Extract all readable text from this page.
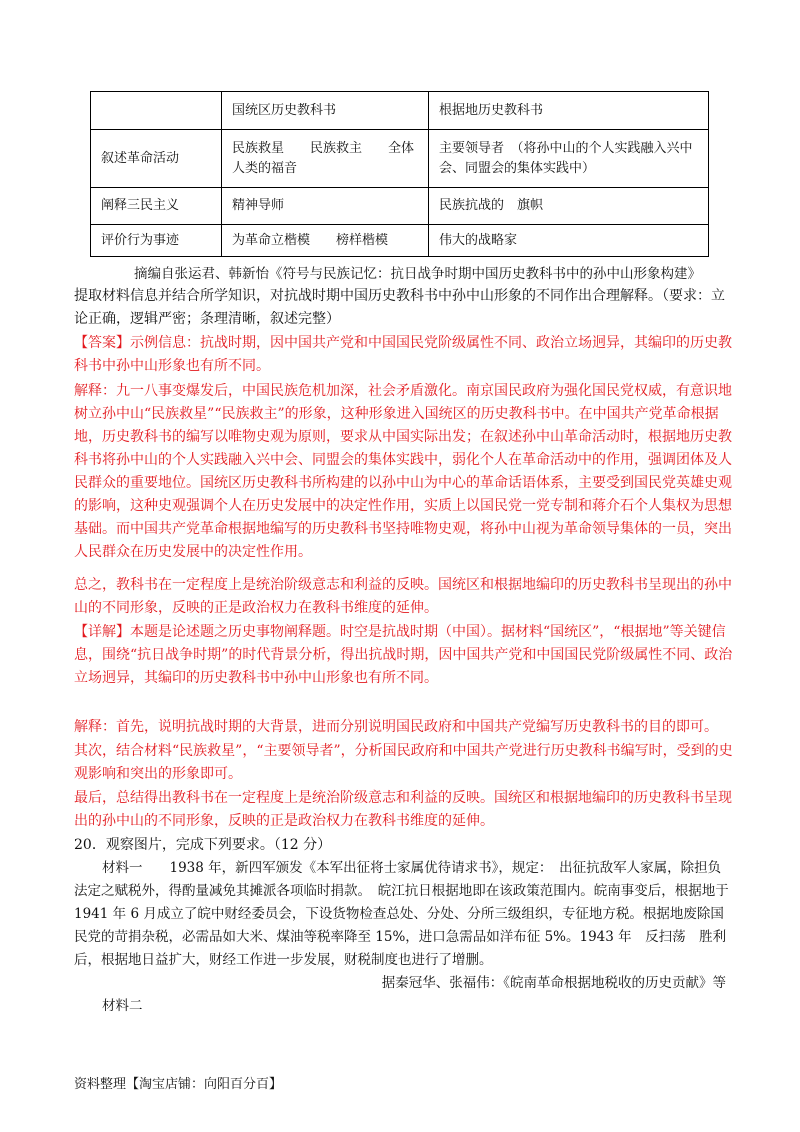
	国统区历史教科书	根据地历史教科书
叙述革命活动	民族救星　　民族救主　　全体人类的福音	主要领导者　（将孙中山的个人实践融入兴中会、同盟会的集体实践中）
阐释三民主义	精神导师	民族抗战的　旗帜
评价行为事迹	为革命立楷模　　榜样楷模	伟大的战略家
摘编自张运君、韩新怡《符号与民族记忆：抗日战争时期中国历史教科书中的孙中山形象构建》

提取材料信息并结合所学知识，对抗战时期中国历史教科书中孙中山形象的不同作出合理解释。（要求：立论正确，逻辑严密；条理清晰，叙述完整）

【答案】示例信息：抗战时期，因中国共产党和中国国民党阶级属性不同、政治立场迥异，其编印的历史教科书中孙中山形象也有所不同。

解释：九一八事变爆发后，中国民族危机加深，社会矛盾激化。南京国民政府为强化国民党权威，有意识地树立孙中山“民族救星”“民族救主”的形象，这种形象进入国统区的历史教科书中。在中国共产党革命根据地，历史教科书的编写以唯物史观为原则，要求从中国实际出发；在叙述孙中山革命活动时，根据地历史教科书将孙中山的个人实践融入兴中会、同盟会的集体实践中，弱化个人在革命活动中的作用，强调团体及人民群众的重要地位。国统区历史教科书所构建的以孙中山为中心的革命话语体系，主要受到国民党英雄史观的影响，这种史观强调个人在历史发展中的决定性作用，实质上以国民党一党专制和蒋介石个人集权为思想基础。而中国共产党革命根据地编写的历史教科书坚持唯物史观，将孙中山视为革命领导集体的一员，突出人民群众在历史发展中的决定性作用。

总之，教科书在一定程度上是统治阶级意志和利益的反映。国统区和根据地编印的历史教科书呈现出的孙中山的不同形象，反映的正是政治权力在教科书维度的延伸。

【详解】本题是论述题之历史事物阐释题。时空是抗战时期（中国）。据材料“国统区”，“根据地”等关键信息，围绕“抗日战争时期”的时代背景分析，得出抗战时期，因中国共产党和中国国民党阶级属性不同、政治立场迥异，其编印的历史教科书中孙中山形象也有所不同。

解释：首先，说明抗战时期的大背景，进而分别说明国民政府和中国共产党编写历史教科书的目的即可。

其次，结合材料“民族救星”，“主要领导者”，分析国民政府和中国共产党进行历史教科书编写时，受到的史观影响和突出的形象即可。

最后，总结得出教科书在一定程度上是统治阶级意志和利益的反映。国统区和根据地编印的历史教科书呈现出的孙中山的不同形象，反映的正是政治权力在教科书维度的延伸。

20．观察图片，完成下列要求。（12 分）

材料一　　1938 年，新四军颁发《本军出征将士家属优待请求书》，规定：　出征抗敌军人家属，除担负法定之赋税外，得酌量减免其摊派各项临时捐款。　皖江抗日根据地即在该政策范围内。皖南事变后，根据地于 1941 年 6 月成立了皖中财经委员会，下设货物检查总处、分处、分所三级组织，专征地方税。根据地废除国民党的苛捐杂税，必需品如大米、煤油等税率降至 15%，进口急需品如洋布征 5%。1943 年　反扫荡　胜利后，根据地日益扩大，财经工作进一步发展，财税制度也进行了增删。

据秦冠华、张福伟：《皖南革命根据地税收的历史贡献》等

材料二

资料整理【淘宝店铺：向阳百分百】
